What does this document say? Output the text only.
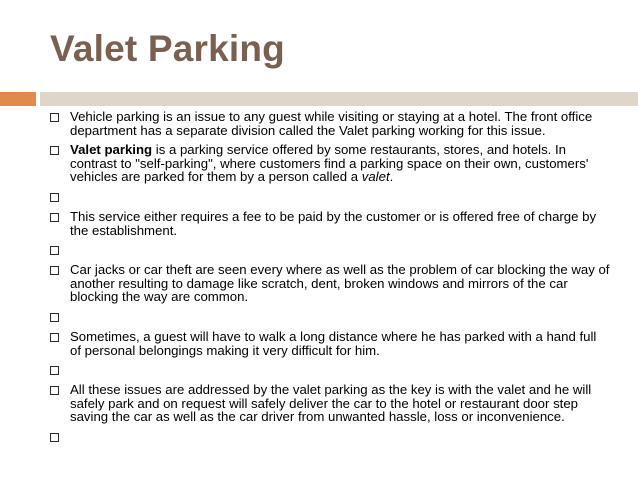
Valet Parking
Vehicle parking is an issue to any guest while visiting or staying at a hotel. The front office department has a separate division called the Valet parking working for this issue.
Valet parking is a parking service offered by some restaurants, stores, and hotels. In contrast to "self-parking", where customers find a parking space on their own, customers' vehicles are parked for them by a person called a valet.
This service either requires a fee to be paid by the customer or is offered free of charge by the establishment.
Car jacks or car theft are seen every where as well as the problem of car blocking the way of another resulting to damage like scratch, dent, broken windows and mirrors of the car blocking the way are common.
Sometimes, a guest will have to walk a long distance where he has parked with a hand full of personal belongings making it very difficult for him.
All these issues are addressed by the valet parking as the key is with the valet and he will safely park and on request will safely deliver the car to the hotel or restaurant door step saving the car as well as the car driver from unwanted hassle, loss or inconvenience.
